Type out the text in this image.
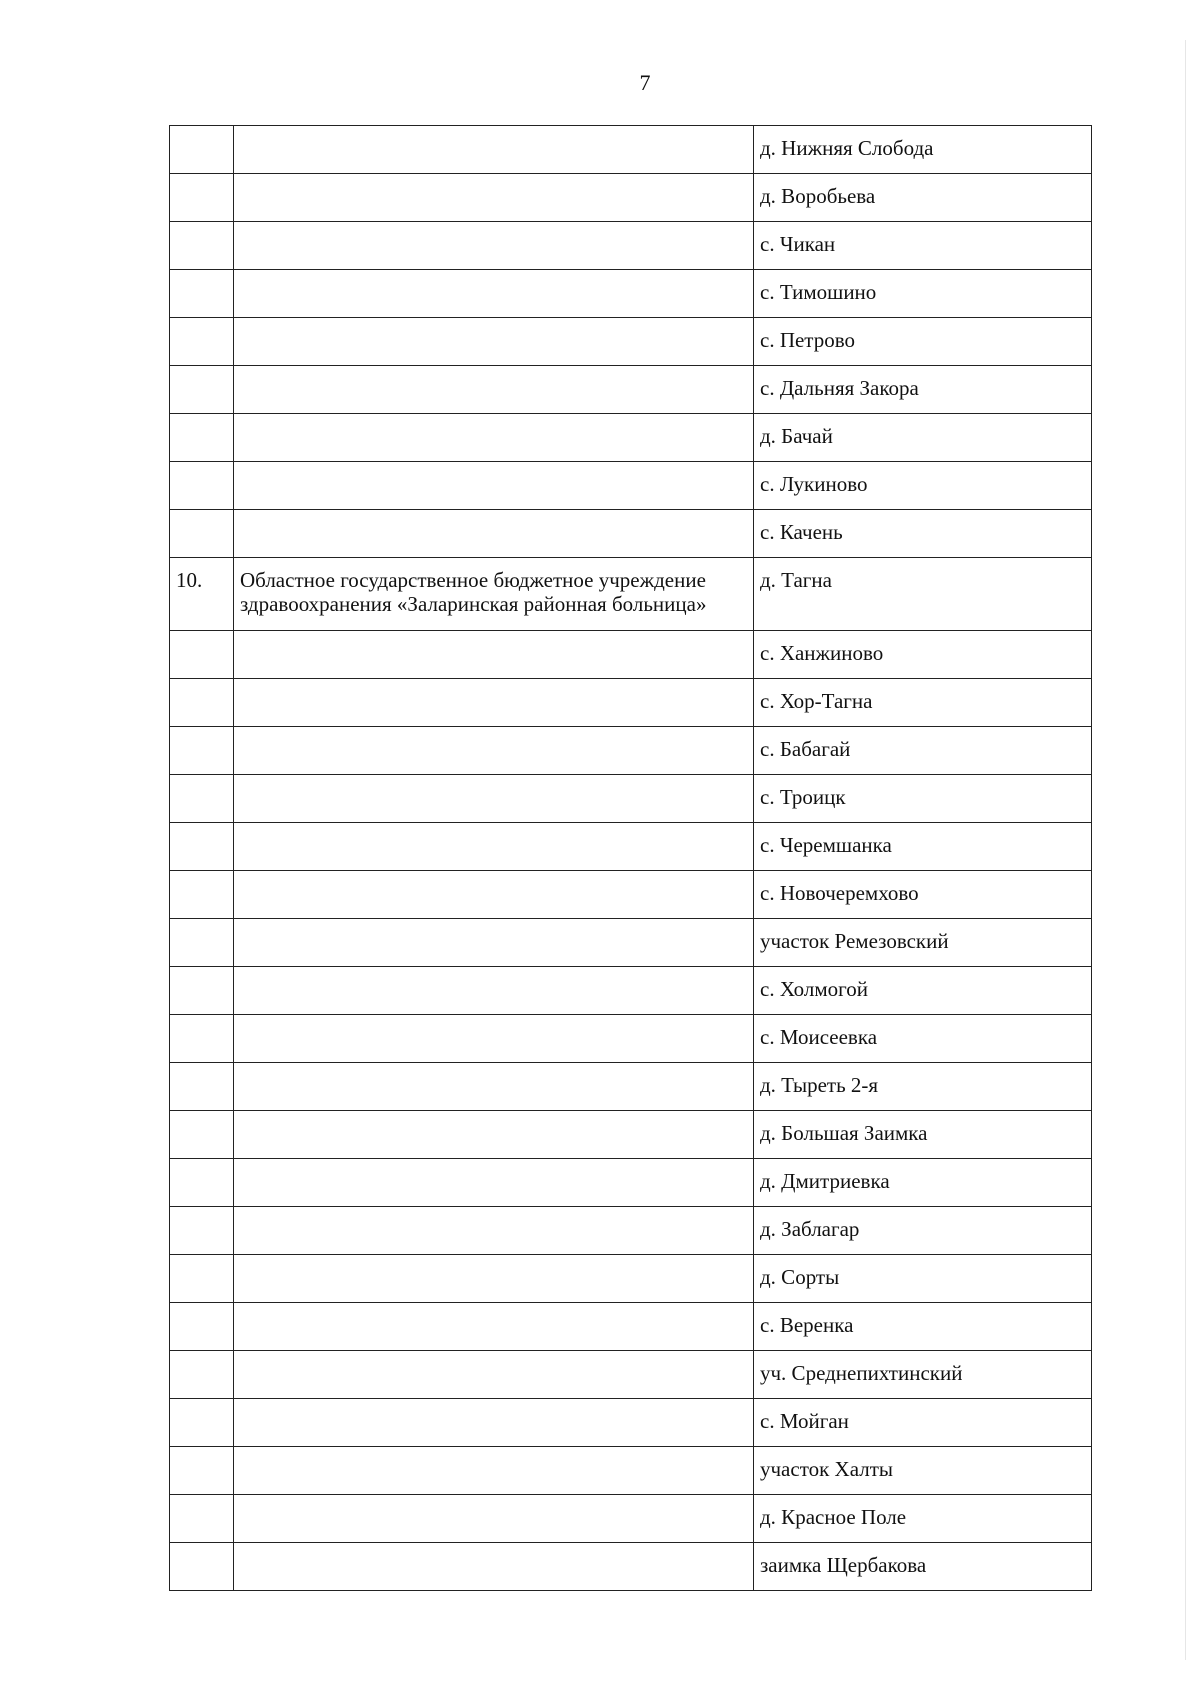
7
		д. Нижняя Слобода
		д. Воробьева
		с. Чикан
		с. Тимошино
		с. Петрово
		с. Дальняя Закора
		д. Бачай
		с. Лукиново
		с. Качень
10.	Областное государственное бюджетное учреждение здравоохранения «Заларинская районная больница»	д. Тагна
		с. Ханжиново
		с. Хор-Тагна
		с. Бабагай
		с. Троицк
		с. Черемшанка
		с. Новочеремхово
		участок Ремезовский
		с. Холмогой
		с. Моисеевка
		д. Тыреть 2-я
		д. Большая Заимка
		д. Дмитриевка
		д. Заблагар
		д. Сорты
		с. Веренка
		уч. Среднепихтинский
		с. Мойган
		участок Халты
		д. Красное Поле
		заимка Щербакова
